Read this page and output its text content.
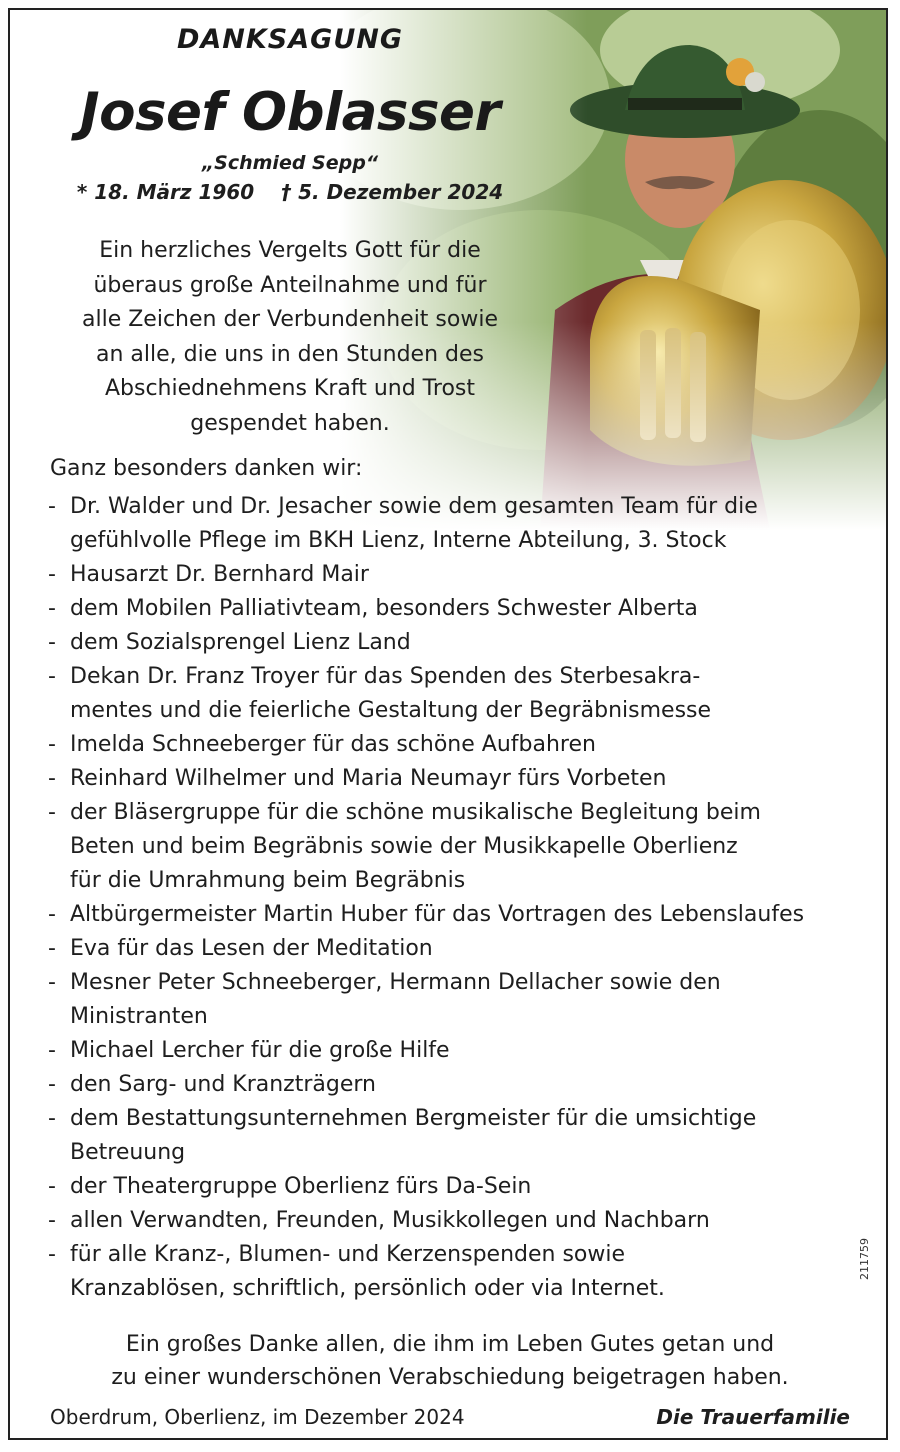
DANKSAGUNG
Josef Oblasser
„Schmied Sepp“
* 18. März 1960 † 5. Dezember 2024
Ein herzliches Vergelts Gott für die
überaus große Anteilnahme und für
alle Zeichen der Verbundenheit sowie
an alle, die uns in den Stunden des
Abschiednehmens Kraft und Trost
gespendet haben.
Ganz besonders danken wir:
- Dr. Walder und Dr. Jesacher sowie dem gesamten Team für die
gefühlvolle Pflege im BKH Lienz, Interne Abteilung, 3. Stock
- Hausarzt Dr. Bernhard Mair
- dem Mobilen Palliativteam, besonders Schwester Alberta
- dem Sozialsprengel Lienz Land
- Dekan Dr. Franz Troyer für das Spenden des Sterbesakra-
mentes und die feierliche Gestaltung der Begräbnismesse
- Imelda Schneeberger für das schöne Aufbahren
- Reinhard Wilhelmer und Maria Neumayr fürs Vorbeten
- der Bläsergruppe für die schöne musikalische Begleitung beim
Beten und beim Begräbnis sowie der Musikkapelle Oberlienz
für die Umrahmung beim Begräbnis
- Altbürgermeister Martin Huber für das Vortragen des Lebenslaufes
- Eva für das Lesen der Meditation
- Mesner Peter Schneeberger, Hermann Dellacher sowie den
Ministranten
- Michael Lercher für die große Hilfe
- den Sarg- und Kranzträgern
- dem Bestattungsunternehmen Bergmeister für die umsichtige
Betreuung
- der Theatergruppe Oberlienz fürs Da-Sein
- allen Verwandten, Freunden, Musikkollegen und Nachbarn
- für alle Kranz-, Blumen- und Kerzenspenden sowie
Kranzablösen, schriftlich, persönlich oder via Internet.
Ein großes Danke allen, die ihm im Leben Gutes getan und
zu einer wunderschönen Verabschiedung beigetragen haben.
Oberdrum, Oberlienz, im Dezember 2024	Die Trauerfamilie
211759
